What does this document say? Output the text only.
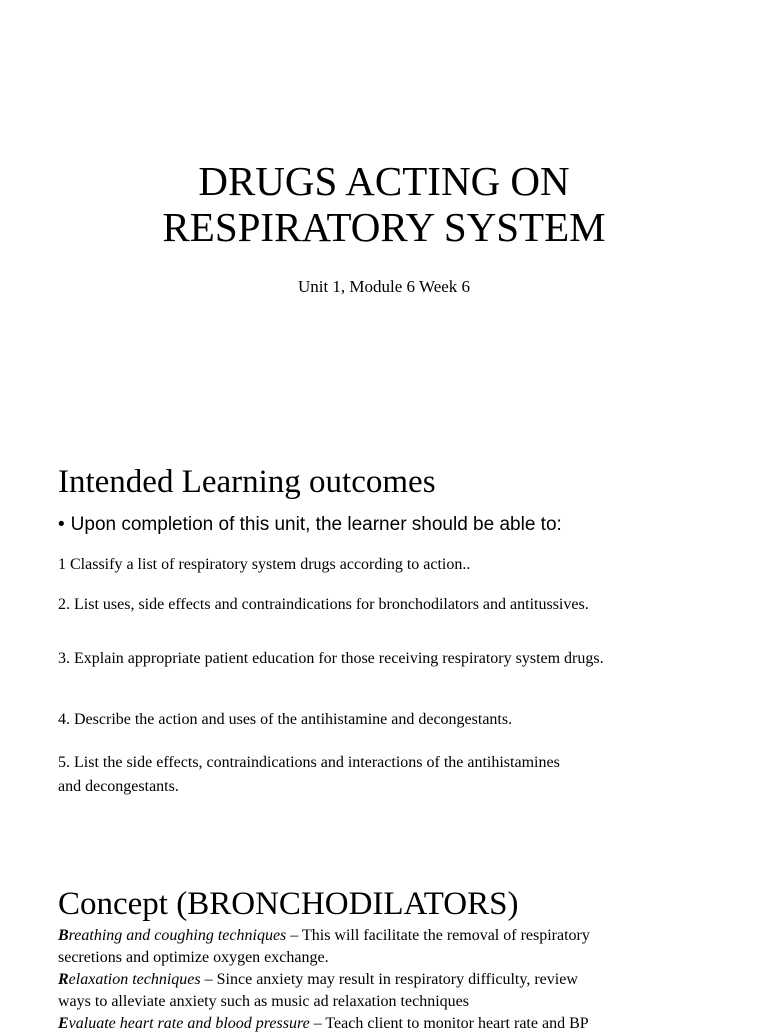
DRUGS ACTING ON
RESPIRATORY SYSTEM

Unit 1, Module 6 Week 6

Intended Learning outcomes

• Upon completion of this unit, the learner should be able to:

1 Classify a list of respiratory system drugs according to action..

2. List uses, side effects and contraindications for bronchodilators and antitussives.

3. Explain appropriate patient education for those receiving respiratory system drugs.

4. Describe the action and uses of the antihistamine and decongestants.

5. List the side effects, contraindications and interactions of the antihistamines

and decongestants.

Concept (BRONCHODILATORS)

Breathing and coughing techniques – This will facilitate the removal of respiratory
secretions and optimize oxygen exchange.

Relaxation techniques – Since anxiety may result in respiratory difficulty, review
ways to alleviate anxiety such as music ad relaxation techniques

Evaluate heart rate and blood pressure – Teach client to monitor heart rate and BP
